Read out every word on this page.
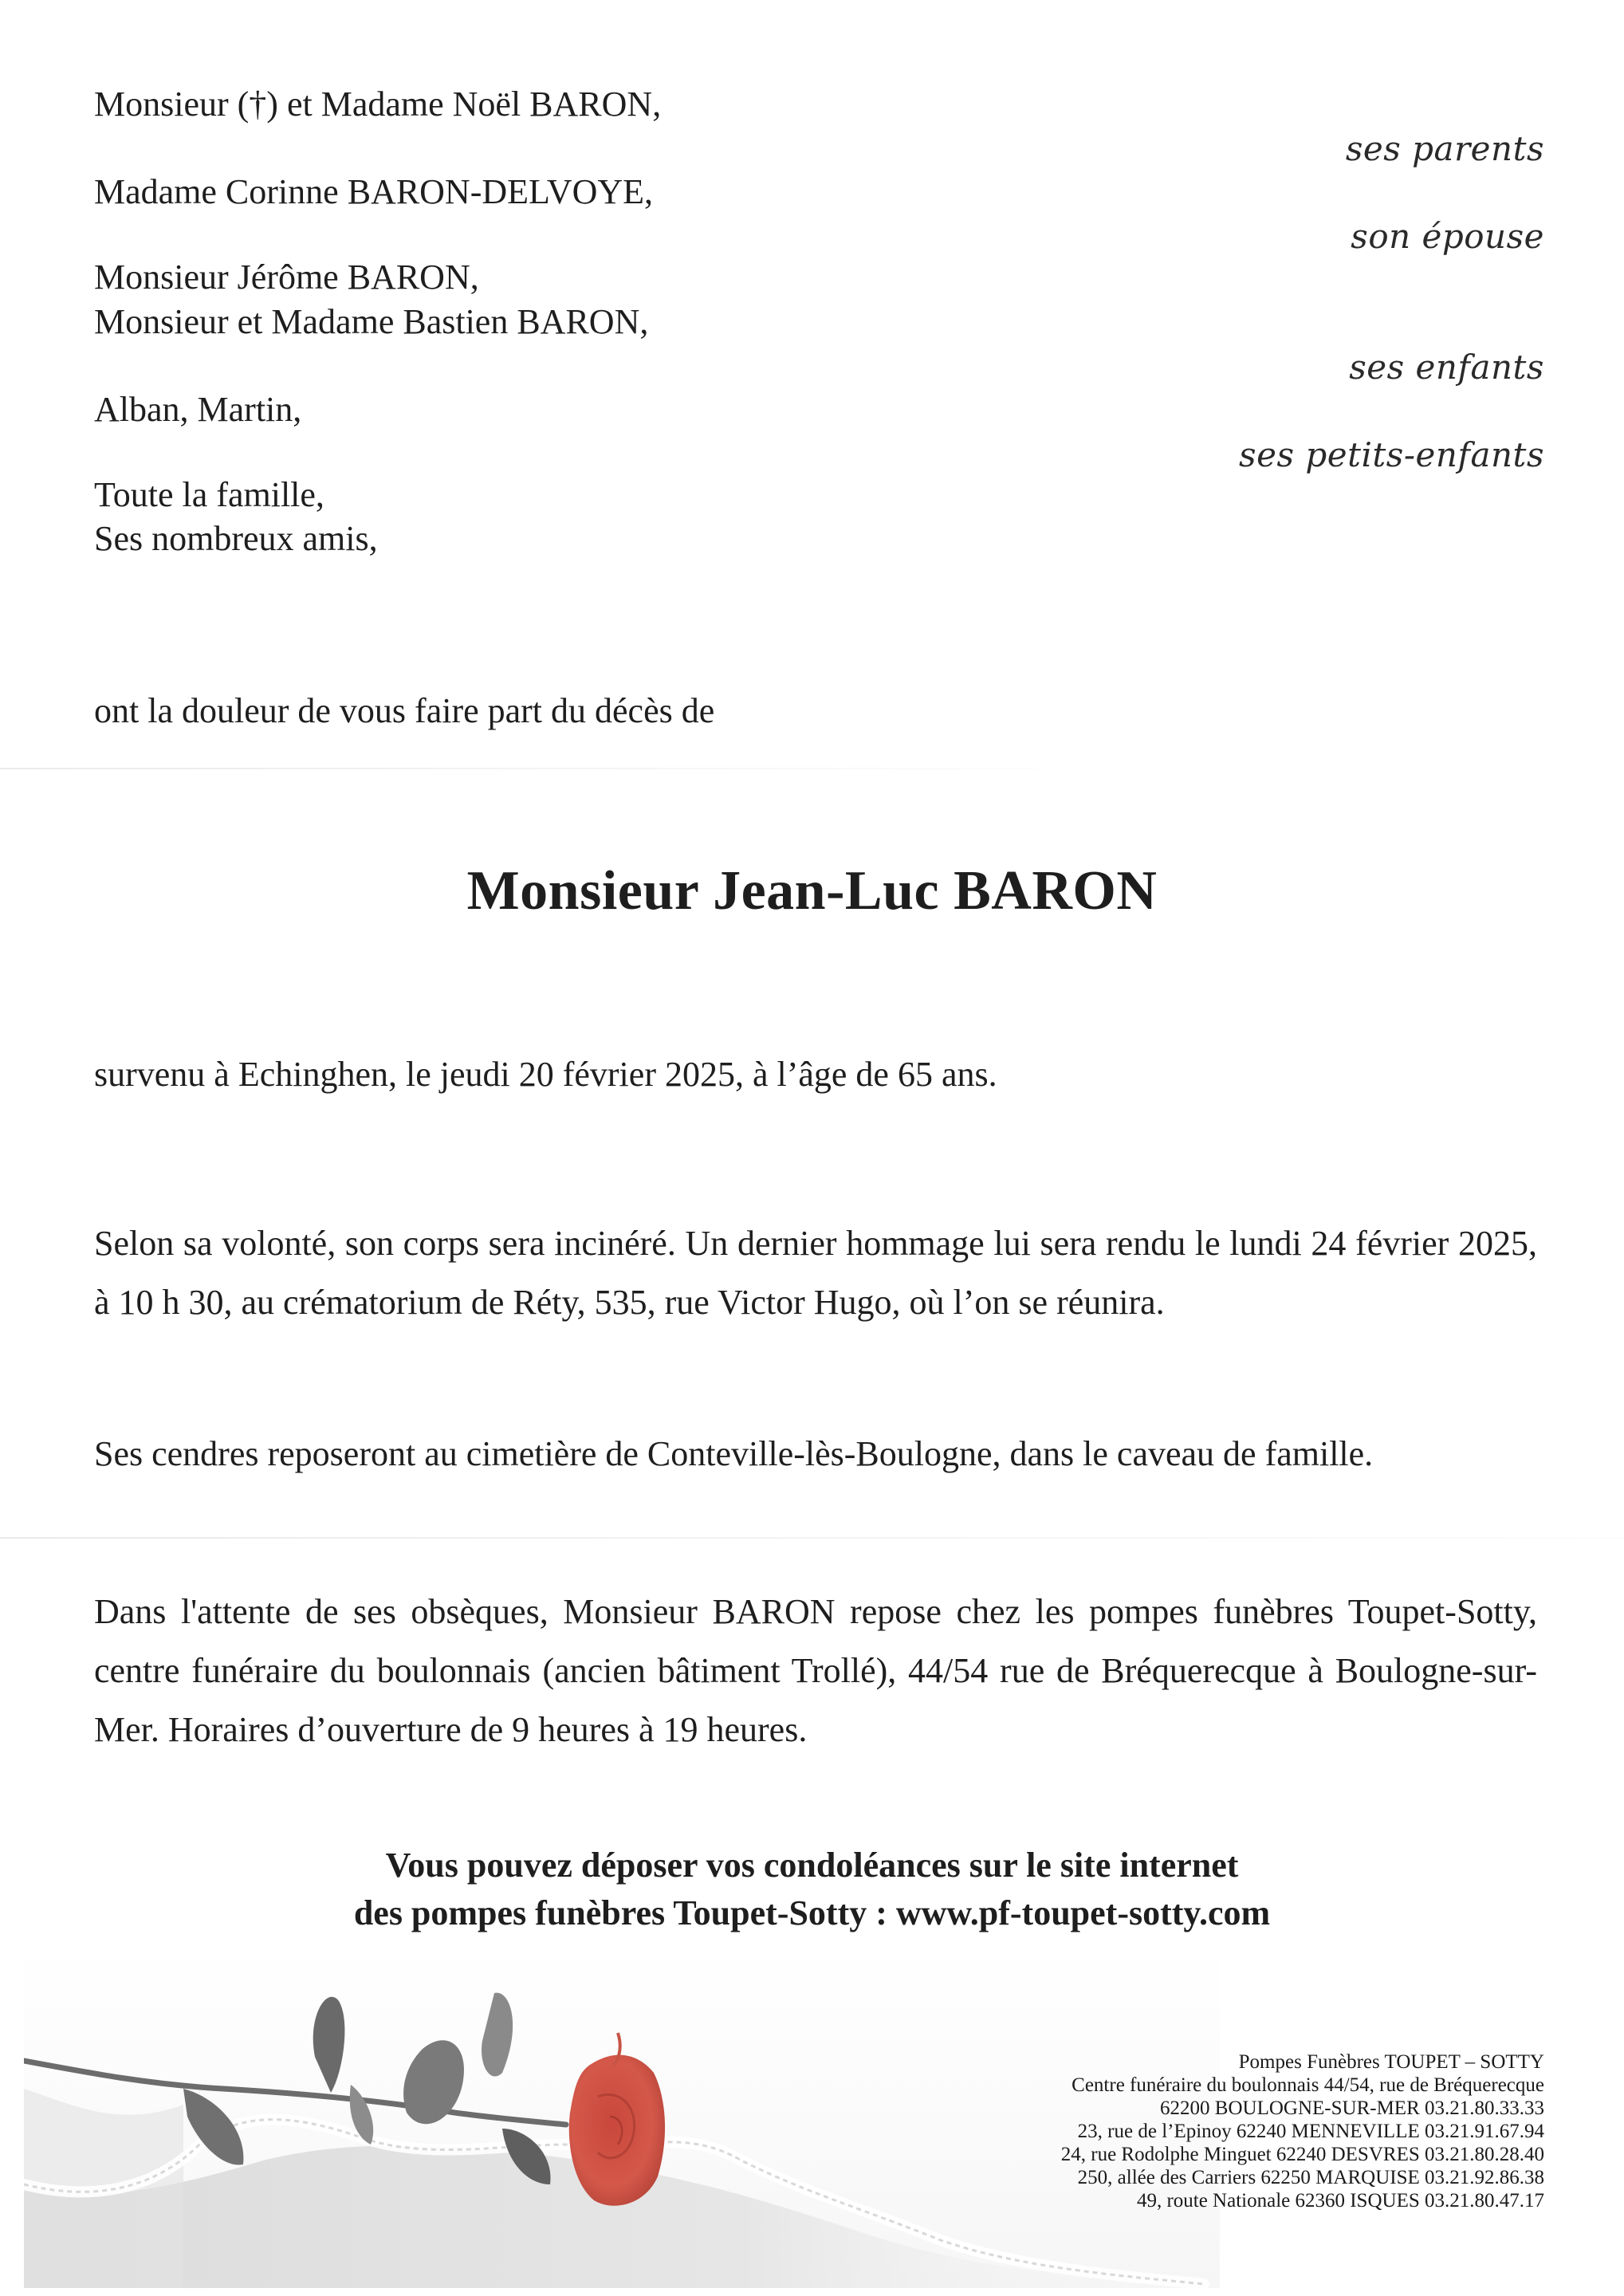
Monsieur (†) et Madame Noël BARON,
Madame Corinne BARON-DELVOYE,
Monsieur Jérôme BARON,
Monsieur et Madame Bastien BARON,
Alban, Martin,
Toute la famille,
Ses nombreux amis,
ses parents
son épouse
ses enfants
ses petits-enfants
ont la douleur de vous faire part du décès de
Monsieur Jean-Luc BARON
survenu à Echinghen, le jeudi 20 février 2025, à l’âge de 65 ans.
Selon sa volonté, son corps sera incinéré. Un dernier hommage lui sera rendu le lundi 24 février 2025, à 10 h 30, au crématorium de Réty, 535, rue Victor Hugo, où l’on se réunira.
Ses cendres reposeront au cimetière de Conteville-lès-Boulogne, dans le caveau de famille.
Dans l'attente de ses obsèques, Monsieur BARON repose chez les pompes funèbres Toupet-Sotty, centre funéraire du boulonnais (ancien bâtiment Trollé), 44/54 rue de Bréquerecque à Boulogne-sur-Mer. Horaires d’ouverture de 9 heures à 19 heures.
Vous pouvez déposer vos condoléances sur le site internet
des pompes funèbres Toupet-Sotty : www.pf-toupet-sotty.com
Pompes Funèbres TOUPET – SOTTY
Centre funéraire du boulonnais 44/54, rue de Bréquerecque
62200 BOULOGNE-SUR-MER 03.21.80.33.33
23, rue de l’Epinoy 62240 MENNEVILLE 03.21.91.67.94
24, rue Rodolphe Minguet 62240 DESVRES 03.21.80.28.40
250, allée des Carriers 62250 MARQUISE 03.21.92.86.38
49, route Nationale 62360 ISQUES 03.21.80.47.17
